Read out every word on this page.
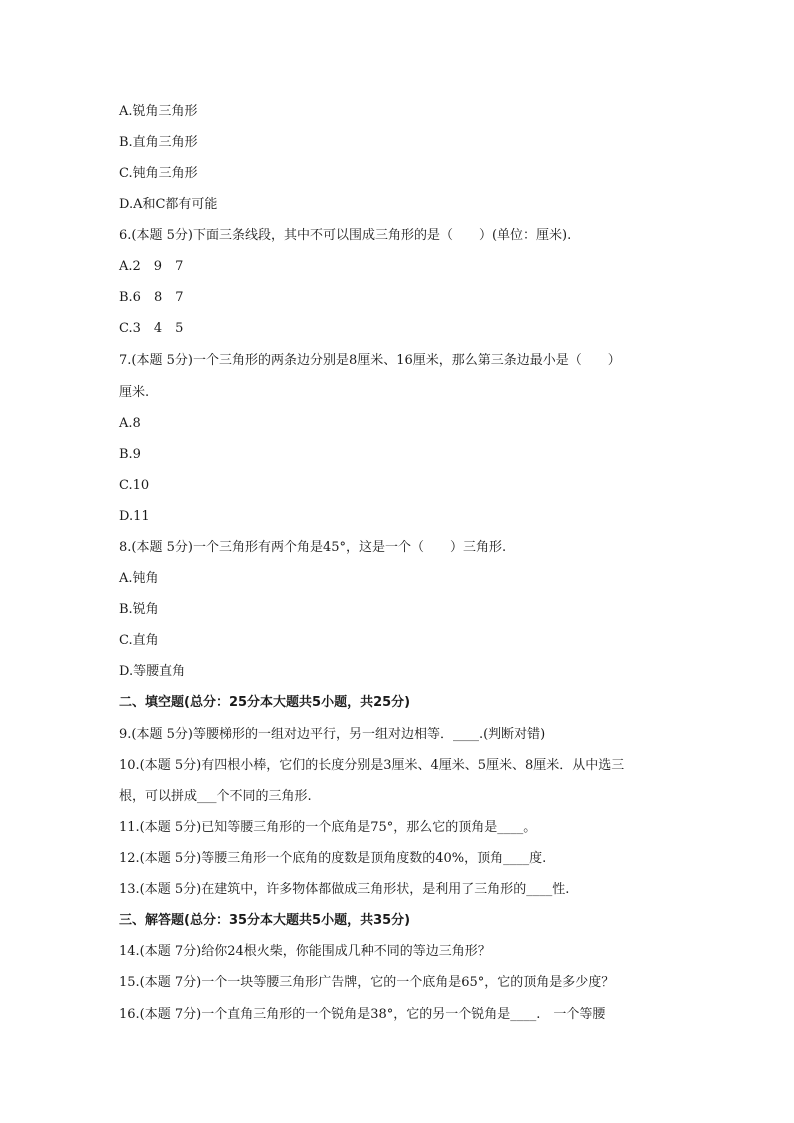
A.锐角三角形
B.直角三角形
C.钝角三角形
D.A和C都有可能
6.(本题 5分)下面三条线段，其中不可以围成三角形的是（　　）(单位：厘米).
A.2　9　7
B.6　8　7
C.3　4　5
7.(本题 5分)一个三角形的两条边分别是8厘米、16厘米，那么第三条边最小是（　　）
厘米.
A.8
B.9
C.10
D.11
8.(本题 5分)一个三角形有两个角是45°，这是一个（　　）三角形.
A.钝角
B.锐角
C.直角
D.等腰直角
二、填空题(总分：25分本大题共5小题，共25分)
9.(本题 5分)等腰梯形的一组对边平行，另一组对边相等．____.(判断对错)
10.(本题 5分)有四根小棒，它们的长度分别是3厘米、4厘米、5厘米、8厘米．从中选三
根，可以拼成___个不同的三角形.
11.(本题 5分)已知等腰三角形的一个底角是75°，那么它的顶角是____。
12.(本题 5分)等腰三角形一个底角的度数是顶角度数的40%，顶角____度.
13.(本题 5分)在建筑中，许多物体都做成三角形状，是利用了三角形的____性.
三、解答题(总分：35分本大题共5小题，共35分)
14.(本题 7分)给你24根火柴，你能围成几种不同的等边三角形？
15.(本题 7分)一个一块等腰三角形广告牌，它的一个底角是65°，它的顶角是多少度？
16.(本题 7分)一个直角三角形的一个锐角是38°，它的另一个锐角是____.　一个等腰
